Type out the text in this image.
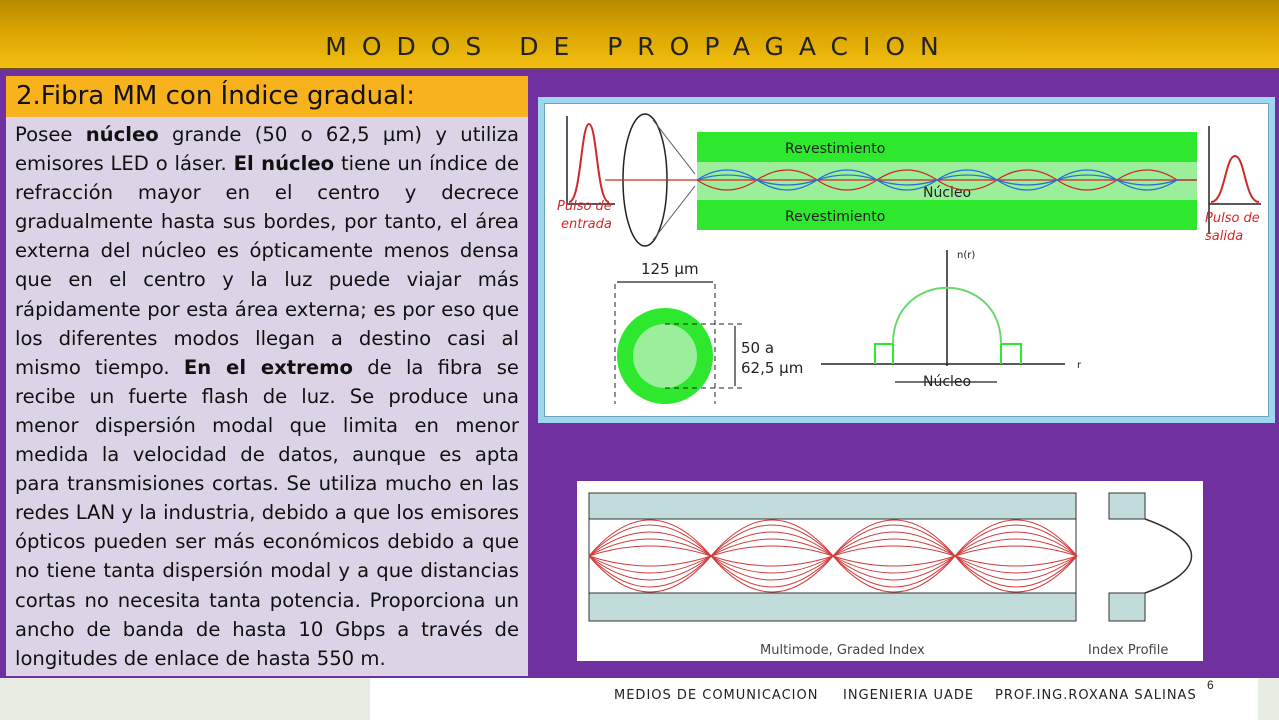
MODOS DE PROPAGACION
2.Fibra MM con Índice gradual:
Posee núcleo grande (50 o 62,5 µm) y utiliza emisores LED o láser. El núcleo tiene un índice de refracción mayor en el centro y decrece gradualmente hasta sus bordes, por tanto, el área externa del núcleo es ópticamente menos densa que en el centro y la luz puede viajar más rápidamente por esta área externa; es por eso que los diferentes modos llegan a destino casi al mismo tiempo. En el extremo de la fibra se recibe un fuerte flash de luz. Se produce una menor dispersión modal que limita en menor medida la velocidad de datos, aunque es apta para transmisiones cortas. Se utiliza mucho en las redes LAN y la industria, debido a que los emisores ópticos pueden ser más económicos debido a que no tiene tanta dispersión modal y a que distancias cortas no necesita tanta potencia. Proporciona un ancho de banda de hasta 10 Gbps a través de longitudes de enlace de hasta 550 m.
Pulso de
entrada
Revestimiento
Revestimiento
Núcleo
Pulso de
salida
125 µm
50 a
62,5 µm
n(r)
r
Núcleo
Multimode, Graded Index	Index Profile
MEDIOS DE COMUNICACION INGENIERIA UADE PROF.ING.ROXANA SALINAS
6
